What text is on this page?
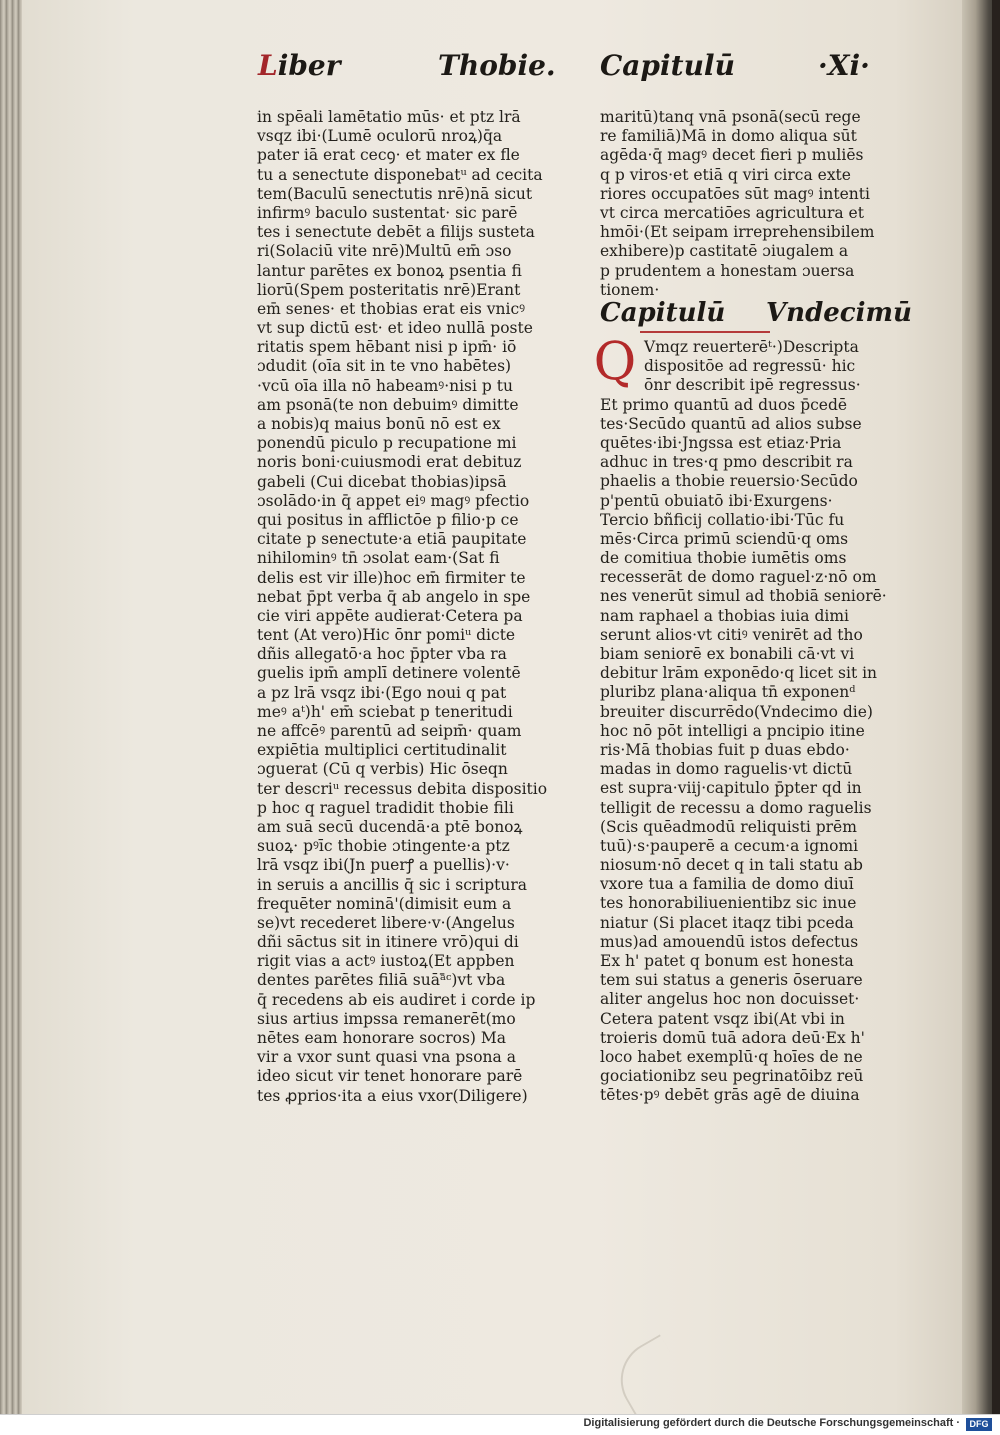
Liber	Thobie. Capitulū	·Xi·
in spēali lamētatio mūs· et ptz lrā
vsqz ibi·(Lumē oculorū nroꝝ)q̄a
pater iā erat cecꝯ· et mater ex fle
tu a senectute disponebatᵘ ad cecita
tem(Baculū senectutis nrē)nā sicut
infirmꝰ baculo sustentat· sic parē
tes i senectute debēt a filijs susteta
ri(Solaciū vite nrē)Multū em̄ ɔso
lantur parētes ex bonoꝝ psentia fi
liorū(Spem posteritatis nrē)Erant
em̄ senes· et thobias erat eis vnicꝰ
vt sup dictū est· et ideo nullā poste
ritatis spem hēbant nisi p ipm̄· iō
ɔdudit (oīa sit in te vno habētes)
·vcū oīa illa nō habeamꝰ·nisi p tu
am psonā(te non debuimꝰ dimitte
a nobis)q maius bonū nō est ex
ponendū piculo p recupatione mi
noris boni·cuiusmodi erat debituz
gabeli (Cui dicebat thobias)ipsā
ɔsolādo·in q̄ appet eiꝰ magꝰ pfectio
qui positus in afflictōe p filio·p ce
citate p senectute·a etiā paupitate
nihilominꝰ tn̄ ɔsolat eam·(Sat fi
delis est vir ille)hoc em̄ firmiter te
nebat p̄pt verba q̄ ab angelo in spe
cie viri appēte audierat·Cetera pa
tent (At vero)Hic ōnr pomiᵘ dicte
dñis allegatō·a hoc p̄pter vba ra
guelis ipm̄ amplī detinere volentē
a pz lrā vsqz ibi·(Ego noui q pat
meꝰ aᵗ)h' em̄ sciebat p teneritudi
ne affcēꝰ parentū ad seipm̄· quam
expiētia multiplici certitudinalit
ɔguerat (Cū q verbis) Hic ōseqn
ter descriᵘ recessus debita dispositio
p hoc q raguel tradidit thobie fili
am suā secū ducendā·a ptē bonoꝝ
suoꝝ· pꝰīc thobie ɔtingente·a ptz
lrā vsqz ibi(Jn puerꝭ a puellis)·v·
in seruis a ancillis q̄ sic i scriptura
frequēter nominā'(dimisit eum a
se)vt recederet libere·v·(Angelus
dñi sāctus sit in itinere vrō)qui di
rigit vias a actꝰ iustoꝝ(Et appben
dentes parētes filiā suāᵃ̄ᶜ)vt vba
q̄ recedens ab eis audiret i corde ip
sius artius impssa remanerēt(mo
nētes eam honorare socros) Ma
vir a vxor sunt quasi vna psona a
ideo sicut vir tenet honorare parē
tes ꝓprios·ita a eius vxor(Diligere)
maritū)tanq vnā psonā(secū rege
re familiā)Mā in domo aliqua sūt
agēda·q̄ magꝰ decet fieri p muliēs
q p viros·et etiā q viri circa exte
riores occupatōes sūt magꝰ intenti
vt circa mercatiōes agricultura et
hmōi·(Et seipam irreprehensibilem
exhibere)p castitatē ɔiugalem a
p prudentem a honestam ɔuersa
tionem·
Capitulū Vndecimū
Q Vmqz reuerterēᵗ·)Descripta
dispositōe ad regressū· hic
ōnr describit ipē regressus·
Et primo quantū ad duos p̄cedē
tes·Secūdo quantū ad alios subse
quētes·ibi·Jngssa est etiaz·Pria
adhuc in tres·q pmo describit ra
phaelis a thobie reuersio·Secūdo
p'pentū obuiatō ibi·Exurgens·
Tercio bñficij collatio·ibi·Tūc fu
mēs·Circa primū sciendū·q oms
de comitiua thobie iumētis oms
recesserāt de domo raguel·z·nō om
nes venerūt simul ad thobiā seniorē·
nam raphael a thobias iuia dimi
serunt alios·vt citiꝰ venirēt ad tho
biam seniorē ex bonabili cā·vt vi
debitur lrām exponēdo·q licet sit in
pluribz plana·aliqua tn̄ exponenᵈ
breuiter discurrēdo(Vndecimo die)
hoc nō pōt intelligi a pncipio itine
ris·Mā thobias fuit p duas ebdo·
madas in domo raguelis·vt dictū
est supra·viij·capitulo p̄pter qd in
telligit de recessu a domo raguelis
(Scis quēadmodū reliquisti prēm
tuū)·s·pauperē a cecum·a ignomi
niosum·nō decet q in tali statu ab
vxore tua a familia de domo diuī
tes honorabiliuenientibz sic inue
niatur (Si placet itaqz tibi pceda
mus)ad amouendū istos defectus
Ex h' patet q bonum est honesta
tem sui status a generis ōseruare
aliter angelus hoc non docuisset·
Cetera patent vsqz ibi(At vbi in
troieris domū tuā adora deū·Ex h'
loco habet exemplū·q hoīes de ne
gociationibz seu pegrinatōibz reū
tētes·pꝰ debēt grās agē de diuina
Digitalisierung gefördert durch die Deutsche Forschungsgemeinschaft ·	DFG
